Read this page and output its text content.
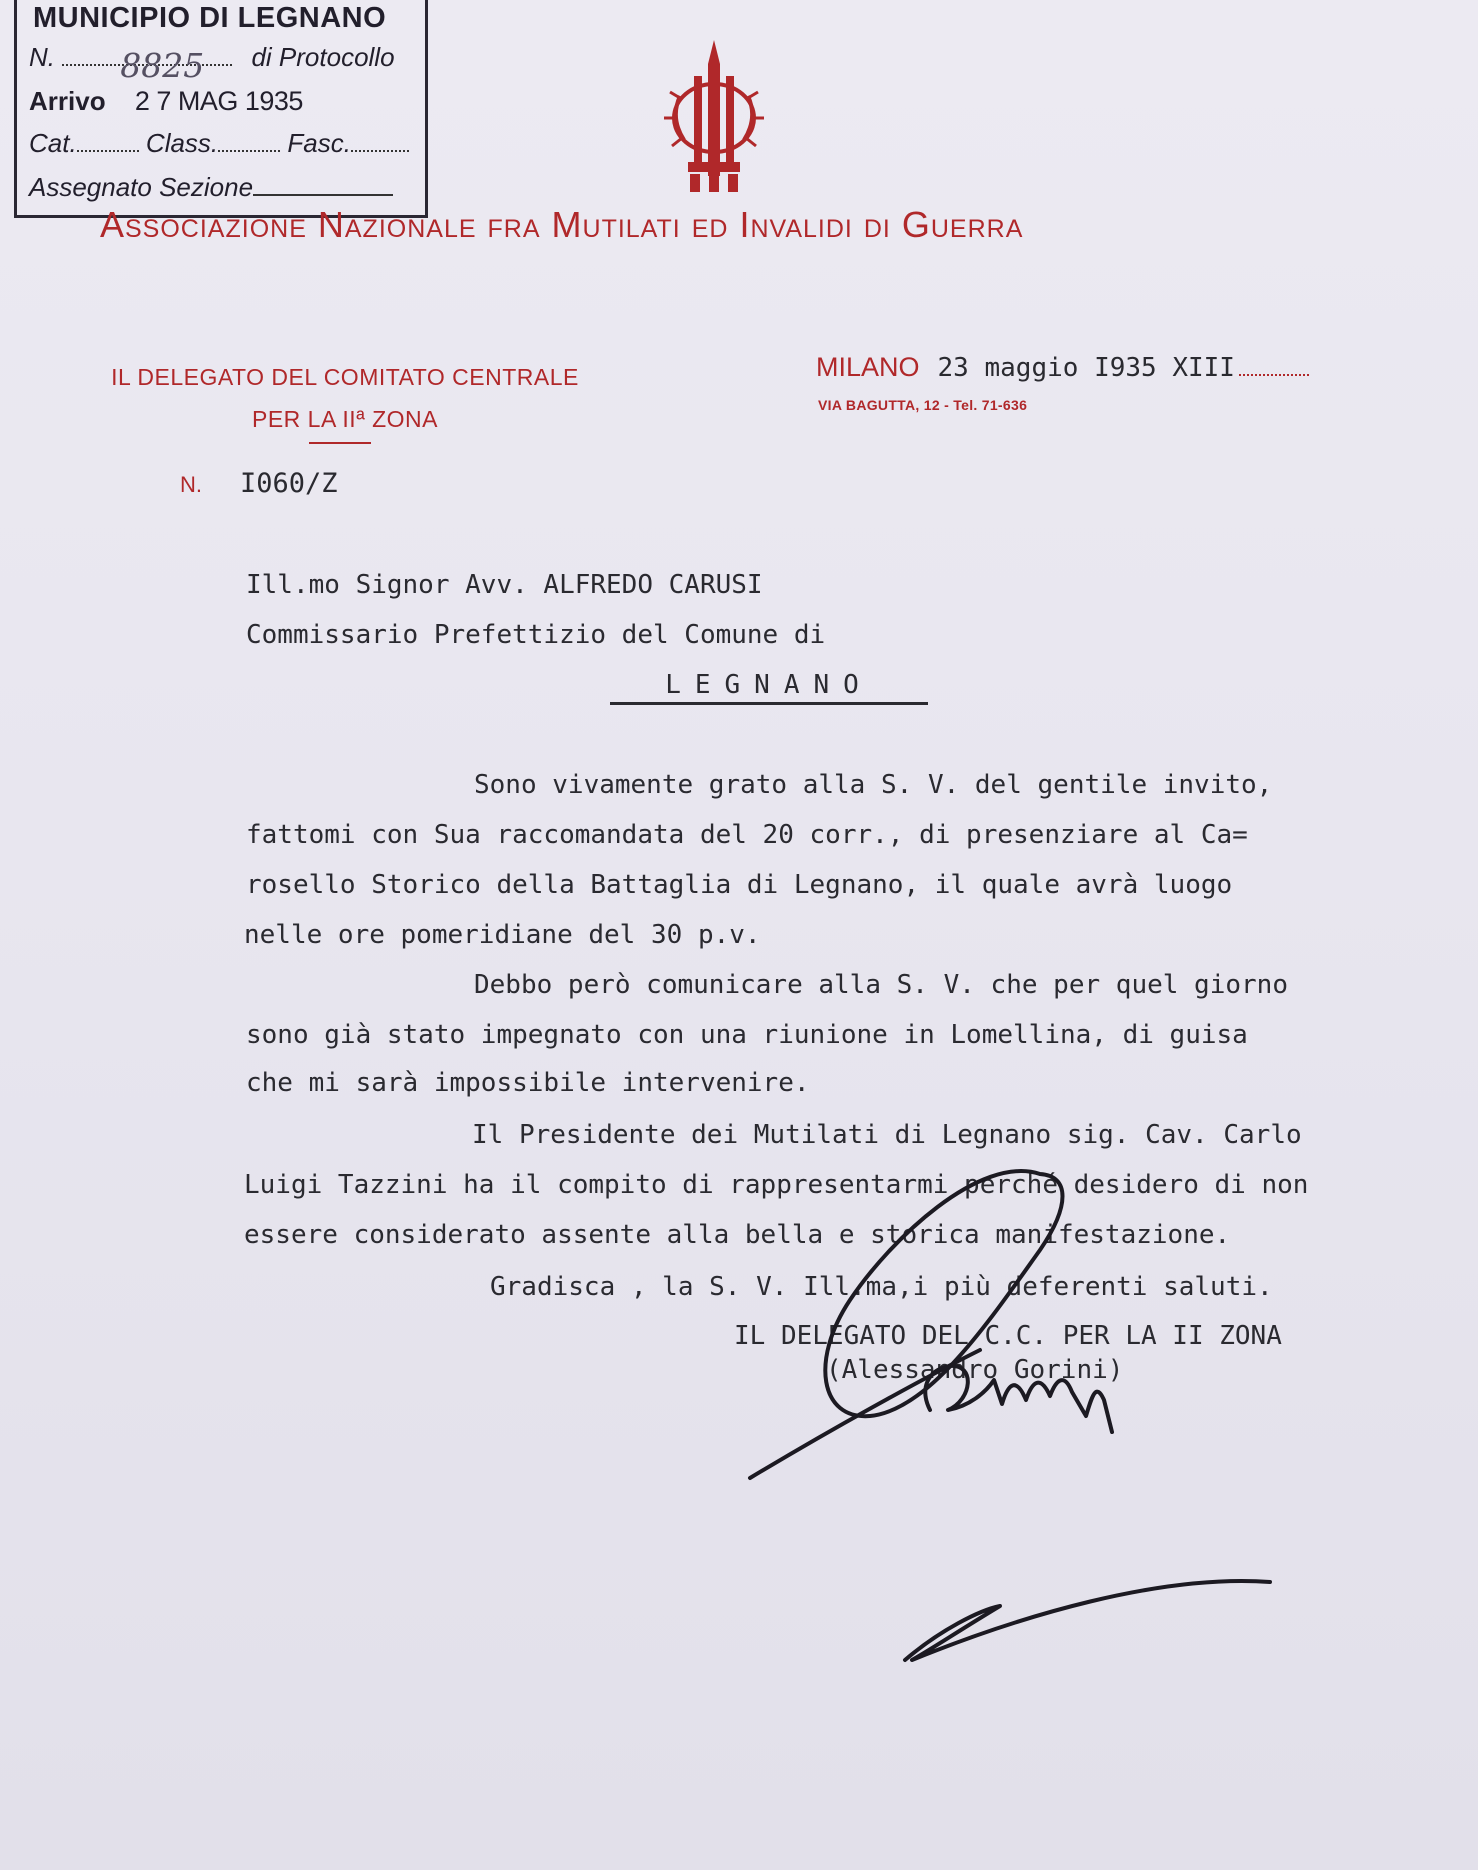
MUNICIPIO DI LEGNANO
N. 8825 di Protocollo
Arrivo 2 7 MAG 1935
Cat.	Class.	Fasc.
Assegnato Sezione
Associazione Nazionale fra Mutilati ed Invalidi di Guerra
IL DELEGATO DEL COMITATO CENTRALE
PER LA IIª ZONA
MILANO 23 maggio I935 XIII
VIA BAGUTTA, 12 - Tel. 71-636
N. I060/Z
Ill.mo Signor Avv. ALFREDO CARUSI
Commissario Prefettizio del Comune di
LEGNANO
Sono vivamente grato alla S. V. del gentile invito,
fattomi con Sua raccomandata del 20 corr., di presenziare al Ca=
rosello Storico della Battaglia di Legnano, il quale avrà luogo
nelle ore pomeridiane del 30 p.v.
Debbo però comunicare alla S. V. che per quel giorno
sono già stato impegnato con una riunione in Lomellina, di guisa
che mi sarà impossibile intervenire.
Il Presidente dei Mutilati di Legnano sig. Cav. Carlo
Luigi Tazzini ha il compito di rappresentarmi perché desidero di non
essere considerato assente alla bella e storica manifestazione.
Gradisca , la S. V. Ill.ma,i più deferenti saluti.
IL DELEGATO DEL C.C. PER LA II ZONA
(Alessandro Gorini)
